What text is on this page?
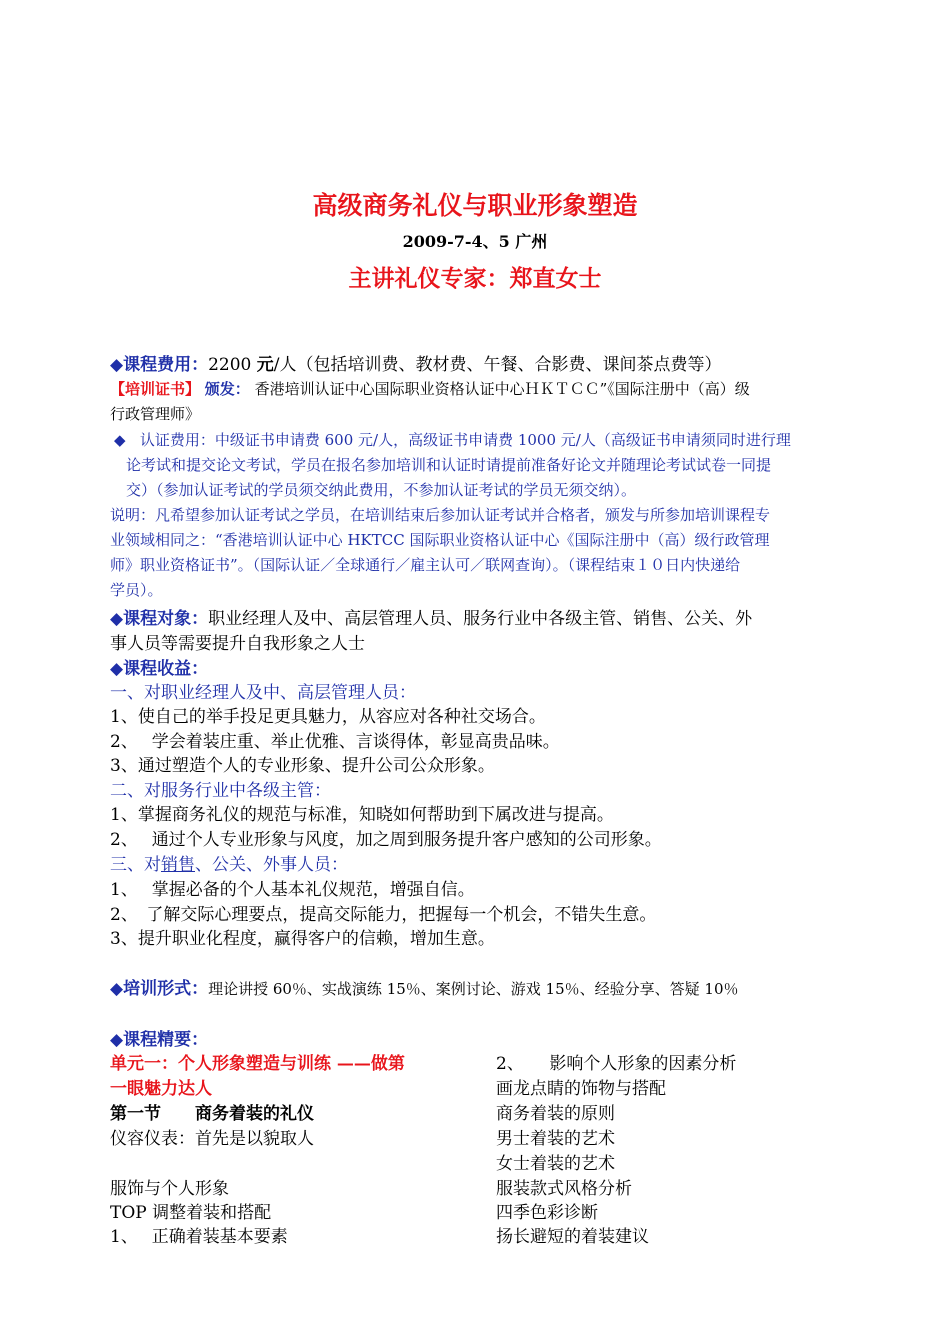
高级商务礼仪与职业形象塑造
2009-7-4、5 广州
主讲礼仪专家：郑直女士
◆课程费用：2200 元/人（包括培训费、教材费、午餐、合影费、课间茶点费等）
【培训证书】 颁发： 香港培训认证中心国际职业资格认证中心ＨＫＴＣＣ”《国际注册中（高）级
行政管理师》
◆ 认证费用：中级证书申请费 600 元/人，高级证书申请费 1000 元/人（高级证书申请须同时进行理
论考试和提交论文考试，学员在报名参加培训和认证时请提前准备好论文并随理论考试试卷一同提
交）（参加认证考试的学员须交纳此费用，不参加认证考试的学员无须交纳）。
说明：凡希望参加认证考试之学员，在培训结束后参加认证考试并合格者，颁发与所参加培训课程专
业领域相同之：“香港培训认证中心 HKTCC 国际职业资格认证中心《国际注册中（高）级行政管理
师》职业资格证书”。（国际认证／全球通行／雇主认可／联网查询）。（课程结束１０日内快递给
学员）。
◆课程对象：职业经理人及中、高层管理人员、服务行业中各级主管、销售、公关、外
事人员等需要提升自我形象之人士
◆课程收益：
一、对职业经理人及中、高层管理人员：
1、使自己的举手投足更具魅力，从容应对各种社交场合。
2、　 学会着装庄重、举止优雅、言谈得体，彰显高贵品味。
3、通过塑造个人的专业形象、提升公司公众形象。
二、对服务行业中各级主管：
1、掌握商务礼仪的规范与标准，知晓如何帮助到下属改进与提高。
2、　 通过个人专业形象与风度，加之周到服务提升客户感知的公司形象。
三、对销售、公关、外事人员：
1、　 掌握必备的个人基本礼仪规范，增强自信。
2、　了解交际心理要点，提高交际能力，把握每一个机会，不错失生意。
3、提升职业化程度，赢得客户的信赖，增加生意。
◆培训形式：理论讲授 60％、实战演练 15％、案例讨论、游戏 15％、经验分享、答疑 10％
◆课程精要：
单元一：个人形象塑造与训练 ——做第
一眼魅力达人
第一节　　商务着装的礼仪
仪容仪表：首先是以貌取人
服饰与个人形象
TOP 调整着装和搭配
1、　 正确着装基本要素
2、　　影响个人形象的因素分析
画龙点睛的饰物与搭配
商务着装的原则
男士着装的艺术
女士着装的艺术
服装款式风格分析
四季色彩诊断
扬长避短的着装建议
